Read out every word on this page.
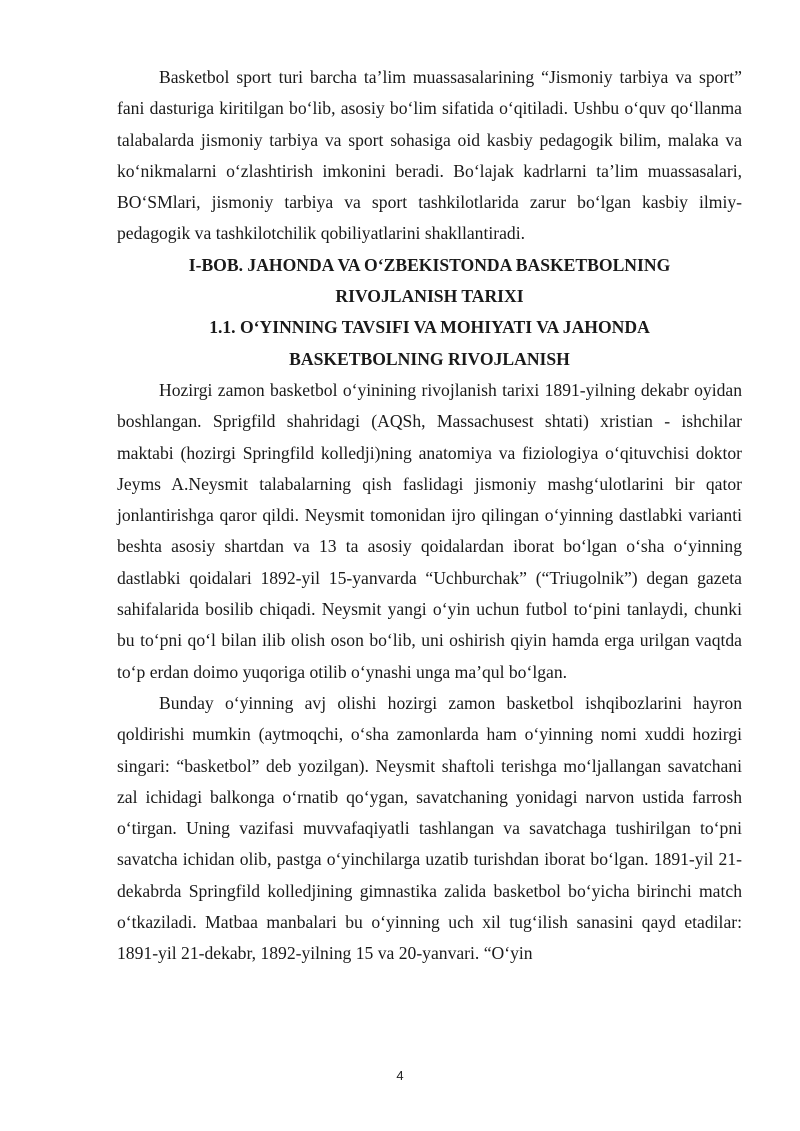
Basketbol sport turi barcha ta’lim muassasalarining “Jismoniy tarbiya va sport” fani dasturiga kiritilgan bo‘lib, asosiy bo‘lim sifatida o‘qitiladi. Ushbu o‘quv qo‘llanma talabalarda jismoniy tarbiya va sport sohasiga oid kasbiy pedagogik bilim, malaka va ko‘nikmalarni o‘zlashtirish imkonini beradi. Bo‘lajak kadrlarni ta’lim muassasalari, BO‘SMlari, jismoniy tarbiya va sport tashkilotlarida zarur bo‘lgan kasbiy ilmiy-pedagogik va tashkilotchilik qobiliyatlarini shakllantiradi.

I-BOB. JAHONDA VA O‘ZBEKISTONDA BASKETBOLNING
RIVOJLANISH TARIXI
1.1. O‘YINNING TAVSIFI VA MOHIYATI VA JAHONDA
BASKETBOLNING RIVOJLANISH

Hozirgi zamon basketbol o‘yinining rivojlanish tarixi 1891-yilning dekabr oyidan boshlangan. Sprigfild shahridagi (AQSh, Massachusest shtati) xristian - ishchilar maktabi (hozirgi Springfild kolledji)ning anatomiya va fiziologiya o‘qituvchisi doktor Jeyms A.Neysmit talabalarning qish faslidagi jismoniy mashg‘ulotlarini bir qator jonlantirishga qaror qildi. Neysmit tomonidan ijro qilingan o‘yinning dastlabki varianti beshta asosiy shartdan va 13 ta asosiy qoidalardan iborat bo‘lgan o‘sha o‘yinning dastlabki qoidalari 1892-yil 15-yanvarda “Uchburchak” (“Triugolnik”) degan gazeta sahifalarida bosilib chiqadi. Neysmit yangi o‘yin uchun futbol to‘pini tanlaydi, chunki bu to‘pni qo‘l bilan ilib olish oson bo‘lib, uni oshirish qiyin hamda erga urilgan vaqtda to‘p erdan doimo yuqoriga otilib o‘ynashi unga ma’qul bo‘lgan.

Bunday o‘yinning avj olishi hozirgi zamon basketbol ishqibozlarini hayron qoldirishi mumkin (aytmoqchi, o‘sha zamonlarda ham o‘yinning nomi xuddi hozirgi singari: “basketbol” deb yozilgan). Neysmit shaftoli terishga mo‘ljallangan savatchani zal ichidagi balkonga o‘rnatib qo‘ygan, savatchaning yonidagi narvon ustida farrosh o‘tirgan. Uning vazifasi muvvafaqiyatli tashlangan va savatchaga tushirilgan to‘pni savatcha ichidan olib, pastga o‘yinchilarga uzatib turishdan iborat bo‘lgan. 1891-yil 21-dekabrda Springfild kolledjining gimnastika zalida basketbol bo‘yicha birinchi match o‘tkaziladi. Matbaa manbalari bu o‘yinning uch xil tug‘ilish sanasini qayd etadilar: 1891-yil 21-dekabr, 1892-yilning 15 va 20-yanvari. “O‘yin

4
